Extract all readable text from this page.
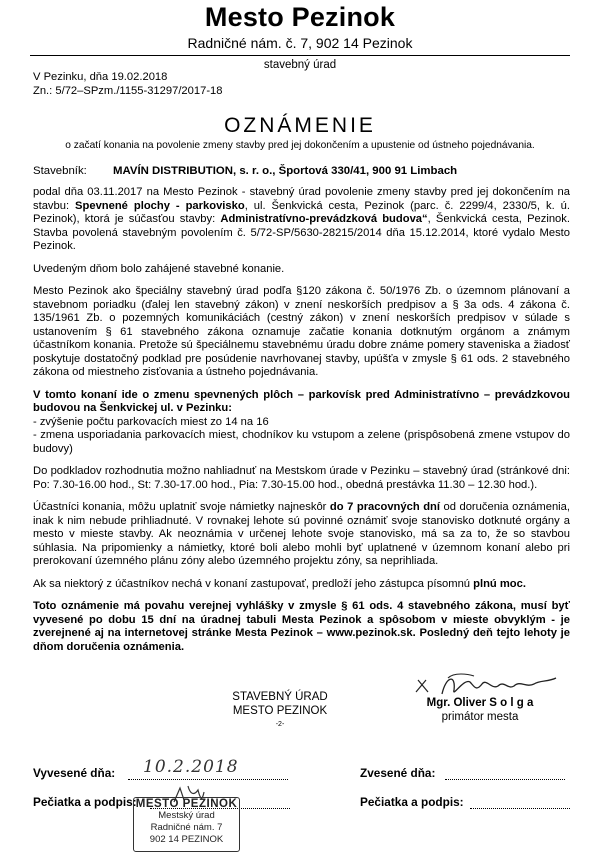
Mesto Pezinok
Radničné nám. č. 7, 902 14 Pezinok
stavebný úrad
V Pezinku, dňa 19.02.2018
Zn.: 5/72–SPzm./1155-31297/2017-18
OZNÁMENIE
o začatí konania na povolenie zmeny stavby pred jej dokončením a upustenie od ústneho pojednávania.
Stavebník: MAVÍN DISTRIBUTION, s. r. o., Športová 330/41, 900 91 Limbach

podal dňa 03.11.2017 na Mesto Pezinok - stavebný úrad povolenie zmeny stavby pred jej dokončením na stavbu: Spevnené plochy - parkovisko, ul. Šenkvická cesta, Pezinok (parc. č. 2299/4, 2330/5, k. ú. Pezinok), ktorá je súčasťou stavby: Administratívno-prevádzková budova“, Šenkvická cesta, Pezinok. Stavba povolená stavebným povolením č. 5/72-SP/5630-28215/2014 dňa 15.12.2014, ktoré vydalo Mesto Pezinok.

Uvedeným dňom bolo zahájené stavebné konanie.

Mesto Pezinok ako špeciálny stavebný úrad podľa §120 zákona č. 50/1976 Zb. o územnom plánovaní a stavebnom poriadku (ďalej len stavebný zákon) v znení neskorších predpisov a § 3a ods. 4 zákona č. 135/1961 Zb. o pozemných komunikáciách (cestný zákon) v znení neskorších predpisov v súlade s ustanovením § 61 stavebného zákona oznamuje začatie konania dotknutým orgánom a známym účastníkom konania. Pretože sú špeciálnemu stavebnému úradu dobre známe pomery staveniska a žiadosť poskytuje dostatočný podklad pre posúdenie navrhovanej stavby, upúšťa v zmysle § 61 ods. 2 stavebného zákona od miestneho zisťovania a ústneho pojednávania.

V tomto konaní ide o zmenu spevnených plôch – parkovísk pred Administratívno – prevádzkovou budovou na Šenkvickej ul. v Pezinku:

- zvýšenie počtu parkovacích miest zo 14 na 16

- zmena usporiadania parkovacích miest, chodníkov ku vstupom a zelene (prispôsobená zmene vstupov do budovy)

Do podkladov rozhodnutia možno nahliadnuť na Mestskom úrade v Pezinku – stavebný úrad (stránkové dni: Po: 7.30-16.00 hod., St: 7.30-17.00 hod., Pia: 7.30-15.00 hod., obedná prestávka 11.30 – 12.30 hod.).

Účastníci konania, môžu uplatniť svoje námietky najneskôr do 7 pracovných dní od doručenia oznámenia, inak k nim nebude prihliadnuté. V rovnakej lehote sú povinné oznámiť svoje stanovisko dotknuté orgány a mesto v mieste stavby. Ak neoznámia v určenej lehote svoje stanovisko, má sa za to, že so stavbou súhlasia. Na pripomienky a námietky, ktoré boli alebo mohli byť uplatnené v územnom konaní alebo pri prerokovaní územného plánu zóny alebo územného projektu zóny, sa neprihliada.

Ak sa niektorý z účastníkov nechá v konaní zastupovať, predloží jeho zástupca písomnú plnú moc.

Toto oznámenie má povahu verejnej vyhlášky v zmysle § 61 ods. 4 stavebného zákona, musí byť vyvesené po dobu 15 dní na úradnej tabuli Mesta Pezinok a spôsobom v mieste obvyklým - je zverejnené aj na internetovej stránke Mesta Pezinok – www.pezinok.sk. Posledný deň tejto lehoty je dňom doručenia oznámenia.

STAVEBNÝ ÚRAD
MESTO PEZINOK
-2-
Mgr. Oliver S o l g a
primátor mesta
Vyvesené dňa: 10.2.2018	Zvesené dňa:
Pečiatka a podpis:	Pečiatka a podpis:
MESTO PEZINOK
Mestský úrad
Radničné nám. 7
902 14 PEZINOK
